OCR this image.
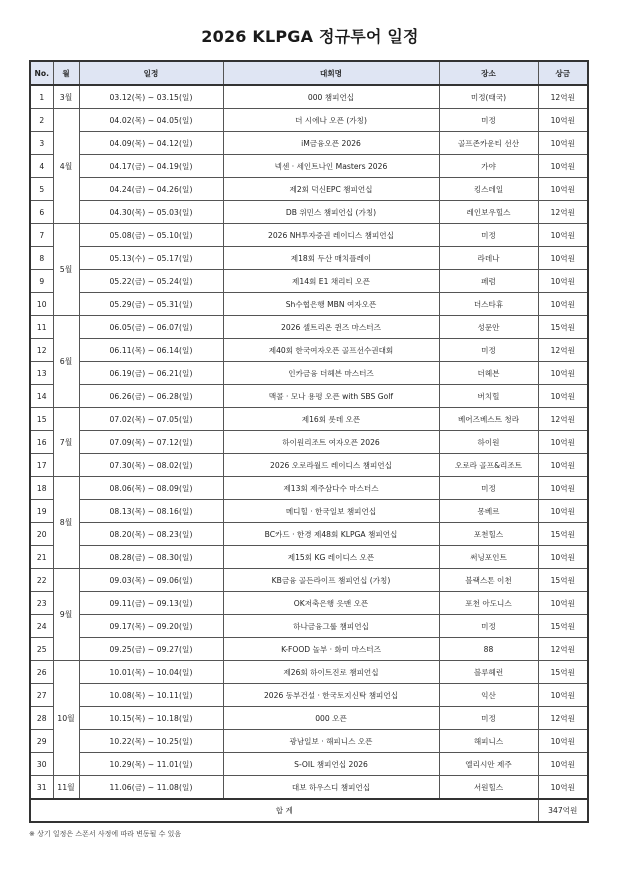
2026 KLPGA 정규투어 일정
No.	월	일정	대회명	장소	상금
1	3월	03.12(목) ~ 03.15(일)	000 챔피언십	미정(태국)	12억원
2	4월	04.02(목) ~ 04.05(일)	더 시에나 오픈 (가칭)	미정	10억원
3		04.09(목) ~ 04.12(일)	iM금융오픈 2026	골프존카운티 선산	10억원
4		04.17(금) ~ 04.19(일)	넥센 · 세인트나인 Masters 2026	가야	10억원
5		04.24(금) ~ 04.26(일)	제2회 덕신EPC 챔피언십	킹스데일	10억원
6		04.30(목) ~ 05.03(일)	DB 위민스 챔피언십 (가칭)	레인보우힐스	12억원
7	5월	05.08(금) ~ 05.10(일)	2026 NH투자증권 레이디스 챔피언십	미정	10억원
8		05.13(수) ~ 05.17(일)	제18회 두산 매치플레이	라데나	10억원
9		05.22(금) ~ 05.24(일)	제14회 E1 채리티 오픈	페럼	10억원
10		05.29(금) ~ 05.31(일)	Sh수협은행 MBN 여자오픈	더스타휴	10억원
11	6월	06.05(금) ~ 06.07(일)	2026 셀트리온 퀸즈 마스터즈	성문안	15억원
12		06.11(목) ~ 06.14(일)	제40회 한국여자오픈 골프선수권대회	미정	12억원
13		06.19(금) ~ 06.21(일)	인카금융 더헤븐 마스터즈	더헤븐	10억원
14		06.26(금) ~ 06.28(일)	맥콜 · 모나 용평 오픈 with SBS Golf	버치힐	10억원
15	7월	07.02(목) ~ 07.05(일)	제16회 롯데 오픈	베어즈베스트 청라	12억원
16		07.09(목) ~ 07.12(일)	하이원리조트 여자오픈 2026	하이원	10억원
17		07.30(목) ~ 08.02(일)	2026 오로라월드 레이디스 챔피언십	오로라 골프&리조트	10억원
18	8월	08.06(목) ~ 08.09(일)	제13회 제주삼다수 마스터스	미정	10억원
19		08.13(목) ~ 08.16(일)	메디힐 · 한국일보 챔피언십	몽베르	10억원
20		08.20(목) ~ 08.23(일)	BC카드 · 한경 제48회 KLPGA 챔피언십	포천힐스	15억원
21		08.28(금) ~ 08.30(일)	제15회 KG 레이디스 오픈	써닝포인트	10억원
22	9월	09.03(목) ~ 09.06(일)	KB금융 골든라이프 챔피언십 (가칭)	블랙스톤 이천	15억원
23		09.11(금) ~ 09.13(일)	OK저축은행 읏맨 오픈	포천 아도니스	10억원
24		09.17(목) ~ 09.20(일)	하나금융그룹 챔피언십	미정	15억원
25		09.25(금) ~ 09.27(일)	K-FOOD 놀부 · 화미 마스터즈	88	12억원
26	10월	10.01(목) ~ 10.04(일)	제26회 하이트진로 챔피언십	블루헤런	15억원
27		10.08(목) ~ 10.11(일)	2026 동부건설 · 한국토지신탁 챔피언십	익산	10억원
28		10.15(목) ~ 10.18(일)	000 오픈	미정	12억원
29		10.22(목) ~ 10.25(일)	광남일보 · 해피니스 오픈	해피니스	10억원
30		10.29(목) ~ 11.01(일)	S-OIL 챔피언십 2026	엘리시안 제주	10억원
31	11월	11.06(금) ~ 11.08(일)	대보 하우스디 챔피언십	서원힐스	10억원
합 계					347억원
※ 상기 일정은 스폰서 사정에 따라 변동될 수 있음
